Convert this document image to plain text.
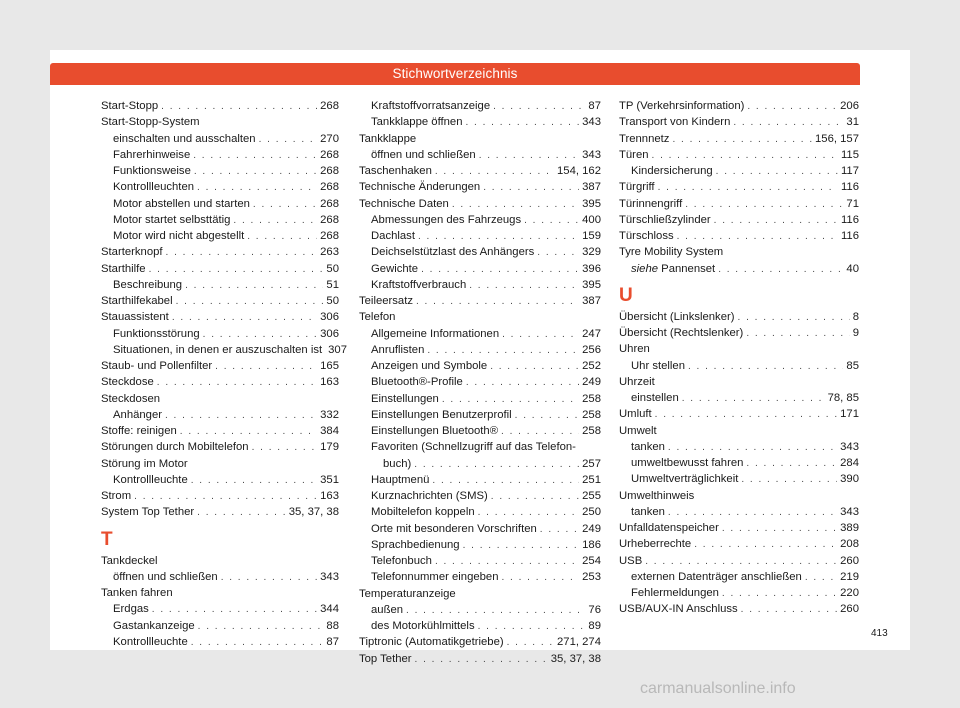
Stichwortverzeichnis
Start-Stopp . . .	268
Start-Stopp-System
einschalten und ausschalten . . .	270
Fahrerhinweise . . .	268
Funktionsweise . . .	268
Kontrollleuchten . . .	268
Motor abstellen und starten . . .	268
Motor startet selbsttätig . . .	268
Motor wird nicht abgestellt . . .	268
Starterknopf . . .	263
Starthilfe . . .	50
Beschreibung . . .	51
Starthilfekabel . . .	50
Stauassistent . . .	306
Funktionsstörung . . .	306
Situationen, in denen er auszuschalten ist 307
Staub- und Pollenfilter . . .	165
Steckdose . . .	163
Steckdosen
Anhänger . . .	332
Stoffe: reinigen . . .	384
Störungen durch Mobiltelefon . . .	179
Störung im Motor
Kontrollleuchte . . .	351
Strom . . .	163
System Top Tether . . .	35, 37, 38
T
Tankdeckel
öffnen und schließen . . .	343
Tanken fahren
Erdgas . . .	344
Gastankanzeige . . .	88
Kontrollleuchte . . .	87
Kraftstoffvorratsanzeige . . .	87
Tankklappe öffnen . . .	343
Tankklappe
öffnen und schließen . . .	343
Taschenhaken . . .	154, 162
Technische Änderungen . . .	387
Technische Daten . . .	395
Abmessungen des Fahrzeugs . . .	400
Dachlast . . .	159
Deichselstützlast des Anhängers . . .	329
Gewichte . . .	396
Kraftstoffverbrauch . . .	395
Teileersatz . . .	387
Telefon
Allgemeine Informationen . . .	247
Anruflisten . . .	256
Anzeigen und Symbole . . .	252
Bluetooth®-Profile . . .	249
Einstellungen . . .	258
Einstellungen Benutzerprofil . . .	258
Einstellungen Bluetooth® . . .	258
Favoriten (Schnellzugriff auf das Telefon-
buch) . . .	257
Hauptmenü . . .	251
Kurznachrichten (SMS) . . .	255
Mobiltelefon koppeln . . .	250
Orte mit besonderen Vorschriften . . .	249
Sprachbedienung . . .	186
Telefonbuch . . .	254
Telefonnummer eingeben . . .	253
Temperaturanzeige
außen . . .	76
des Motorkühlmittels . . .	89
Tiptronic (Automatikgetriebe) . . .	271, 274
Top Tether . . .	35, 37, 38
TP (Verkehrsinformation) . . .	206
Transport von Kindern . . .	31
Trennnetz . . .	156, 157
Türen . . .	115
Kindersicherung . . .	117
Türgriff . . .	116
Türinnengriff . . .	71
Türschließzylinder . . .	116
Türschloss . . .	116
Tyre Mobility System
siehe Pannenset . . .	40
U
Übersicht (Linkslenker) . . .	8
Übersicht (Rechtslenker) . . .	9
Uhren
Uhr stellen . . .	85
Uhrzeit
einstellen . . .	78, 85
Umluft . . .	171
Umwelt
tanken . . .	343
umweltbewusst fahren . . .	284
Umweltverträglichkeit . . .	390
Umwelthinweis
tanken . . .	343
Unfalldatenspeicher . . .	389
Urheberrechte . . .	208
USB . . .	260
externen Datenträger anschließen . . .	219
Fehlermeldungen . . .	220
USB/AUX-IN Anschluss . . .	260
413
carmanualsonline.info
